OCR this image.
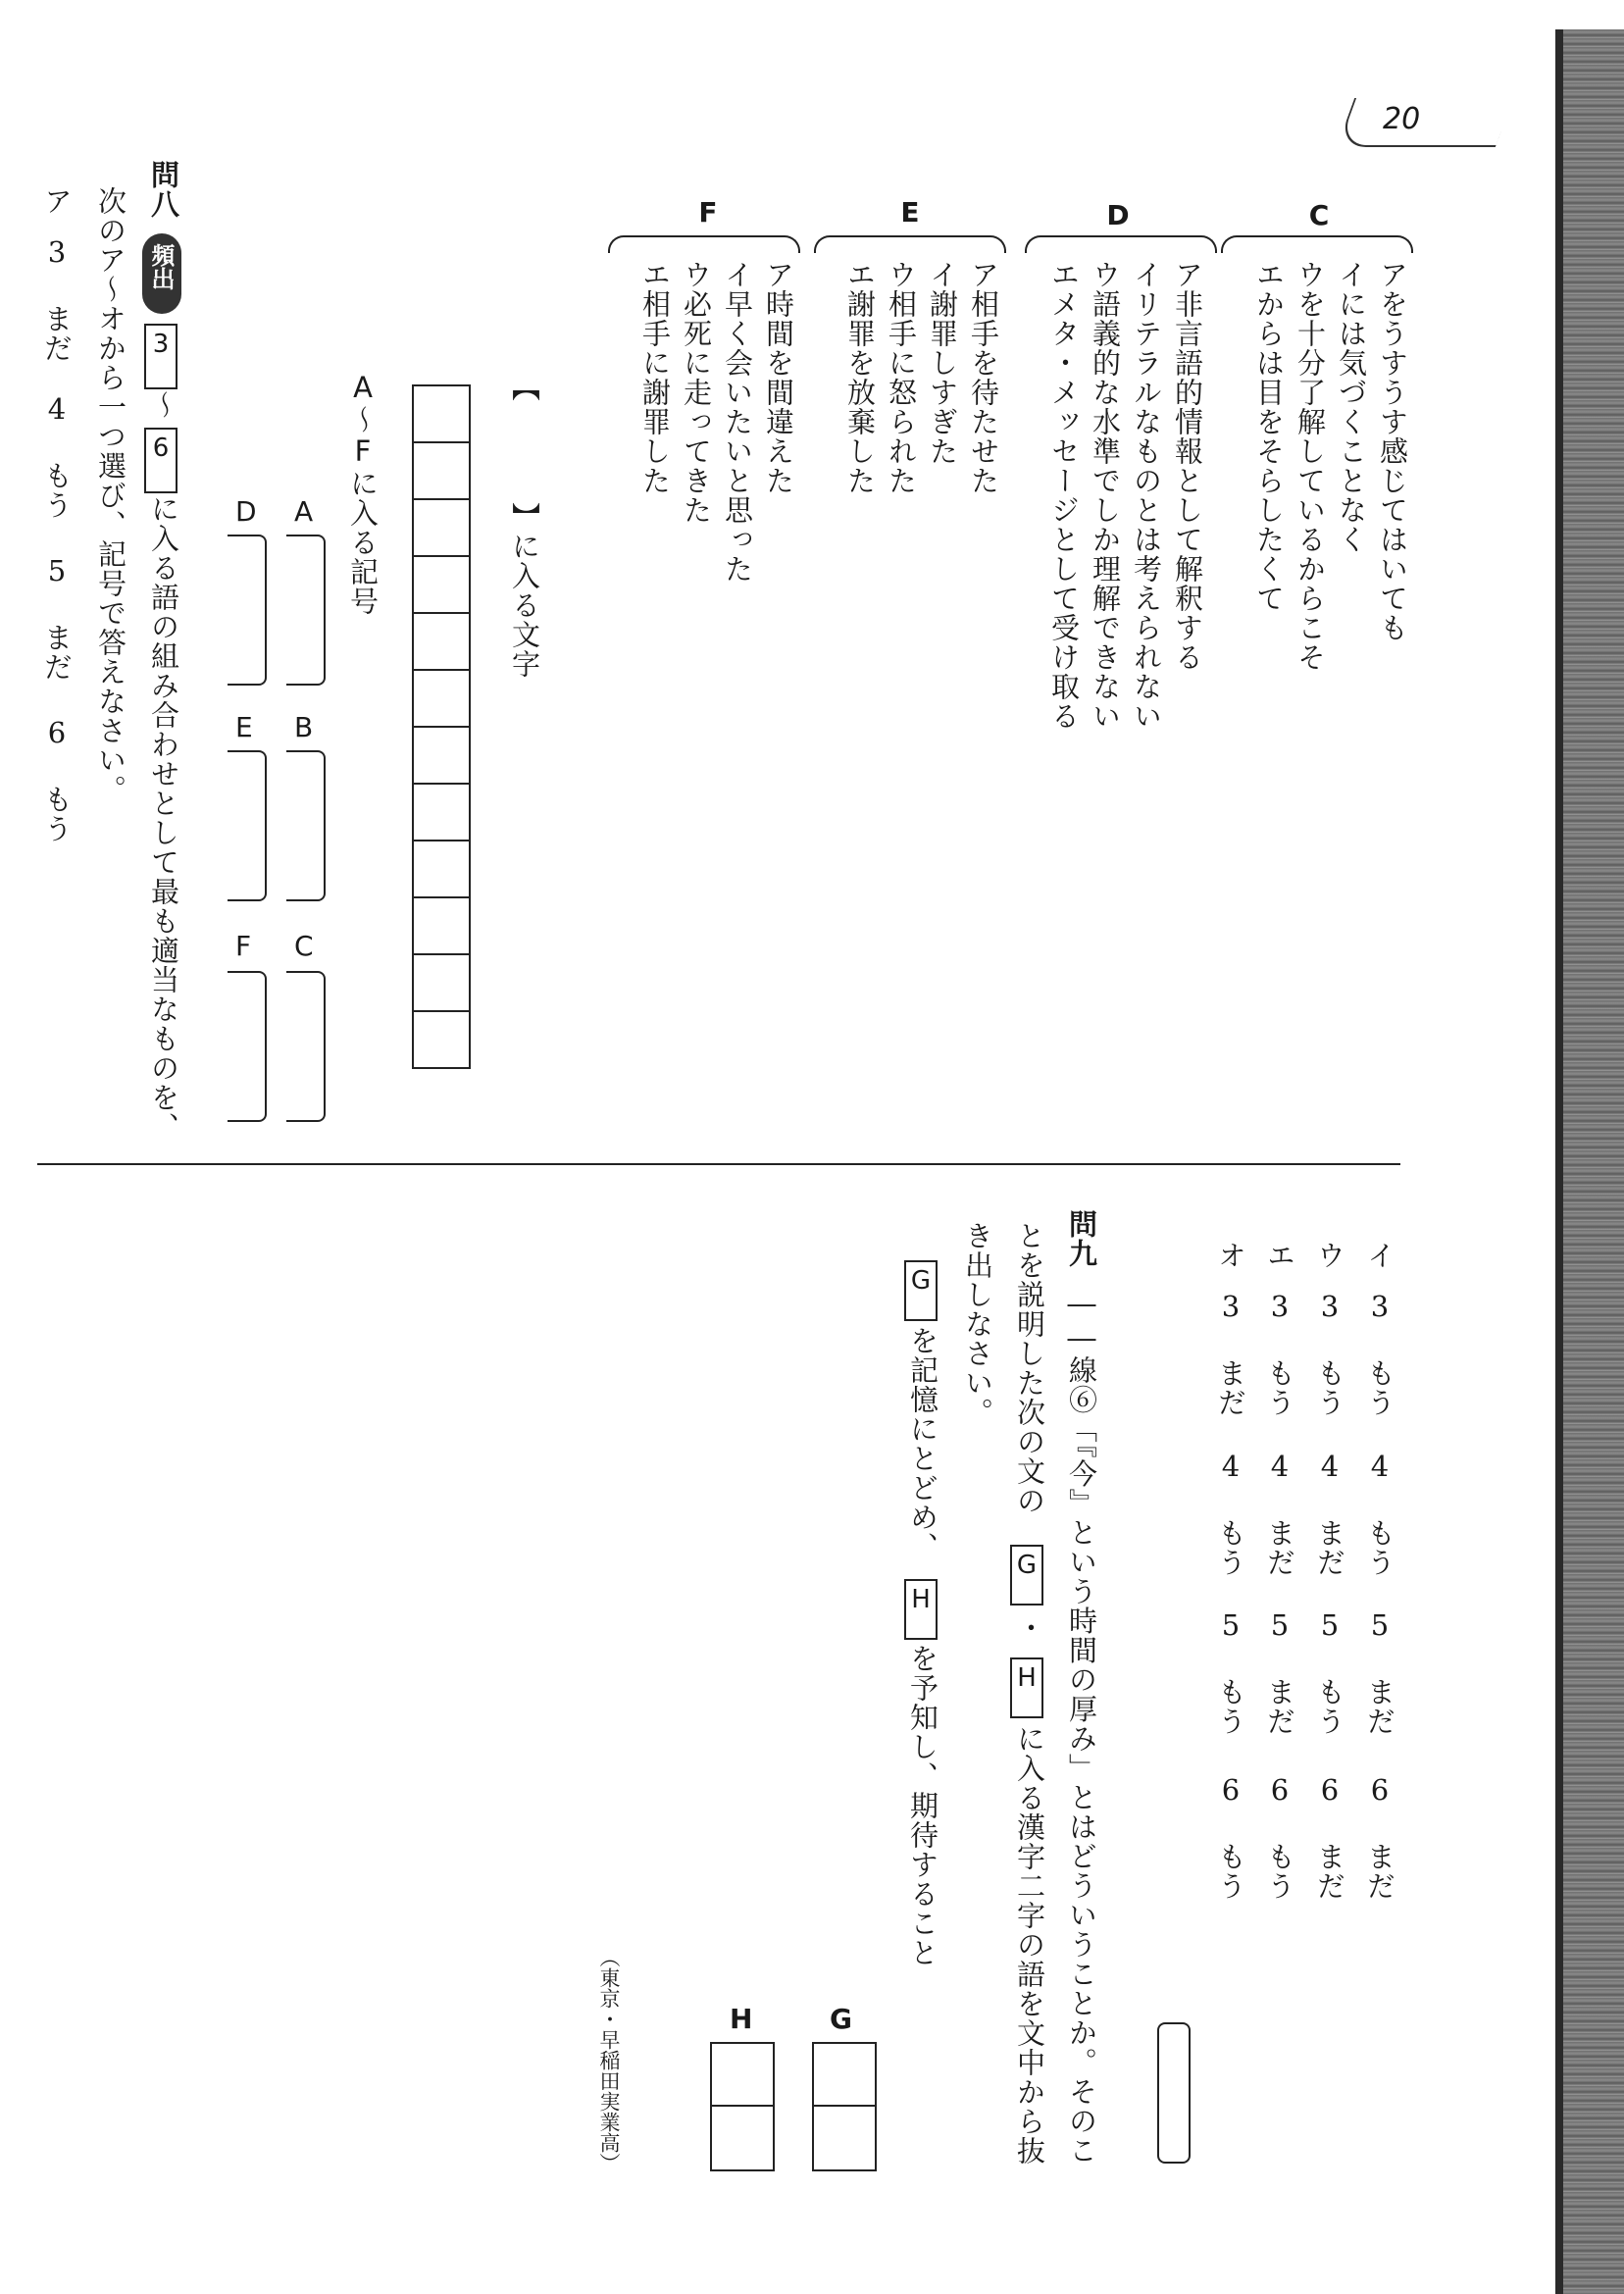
20
C
アをうすうす感じてはいても
イには気づくことなく
ウを十分了解しているからこそ
エからは目をそらしたくて
D
ア非言語的情報として解釈する
イリテラルなものとは考えられない
ウ語義的な水準でしか理解できない
エメタ・メッセージとして受け取る
E
ア相手を待たせた
イ謝罪しすぎた
ウ相手に怒られた
エ謝罪を放棄した
F
ア時間を間違えた
イ早く会いたいと思った
ウ必死に走ってきた
エ相手に謝罪した
【
】に入る文字
A～Fに入る記号
A
B
C
D
E
F
問八
頻出
3
～
6
に入る語の組み合わせとして最も適当なものを、
次のア～オから一つ選び、記号で答えなさい。
ア
3 まだ
4 もう
5 まだ
6 もう
イ
3 もう
4 もう
5 まだ
6 まだ
ウ
3 もう
4 まだ
5 もう
6 まだ
エ
3 もう
4 まだ
5 まだ
6 もう
オ
3 まだ
4 もう
5 もう
6 もう
問九
――線⑥「『今』という時間の厚み」とはどういうことか。そのこ
とを説明した次の文の
G
・
H
に入る漢字二字の語を文中から抜
き出しなさい。
G
を記憶にとどめ、
H
を予知し、期待すること
G
H
（東京・早稲田実業高）
